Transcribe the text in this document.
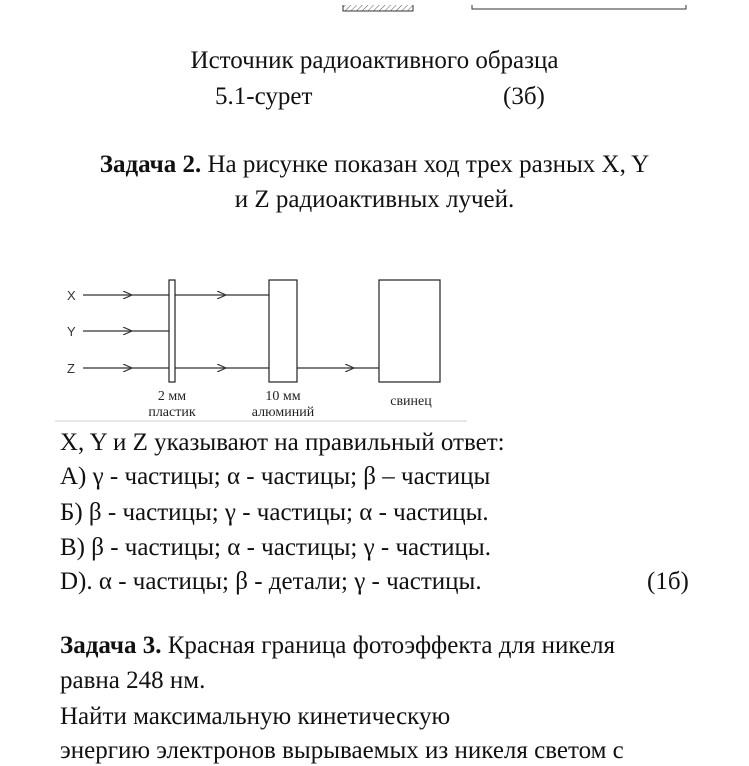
Источник радиоактивного образца
5.1-сурет	(3б)
Задача 2. На рисунке показан ход трех разных X, Y
и Z радиоактивных лучей.
X
Y
Z
2 мм
пластик
10 мм
алюминий
свинец
X, Y и Z указывают на правильный ответ:
А) γ - частицы; α - частицы; β – частицы
Б) β - частицы; γ - частицы; α - частицы.
В) β - частицы; α - частицы; γ - частицы.
D). α - частицы; β - детали; γ - частицы.	(1б)
Задача 3. Красная граница фотоэффекта для никеля
равна 248 нм.
Найти максимальную кинетическую
энергию электронов вырываемых из никеля светом с
